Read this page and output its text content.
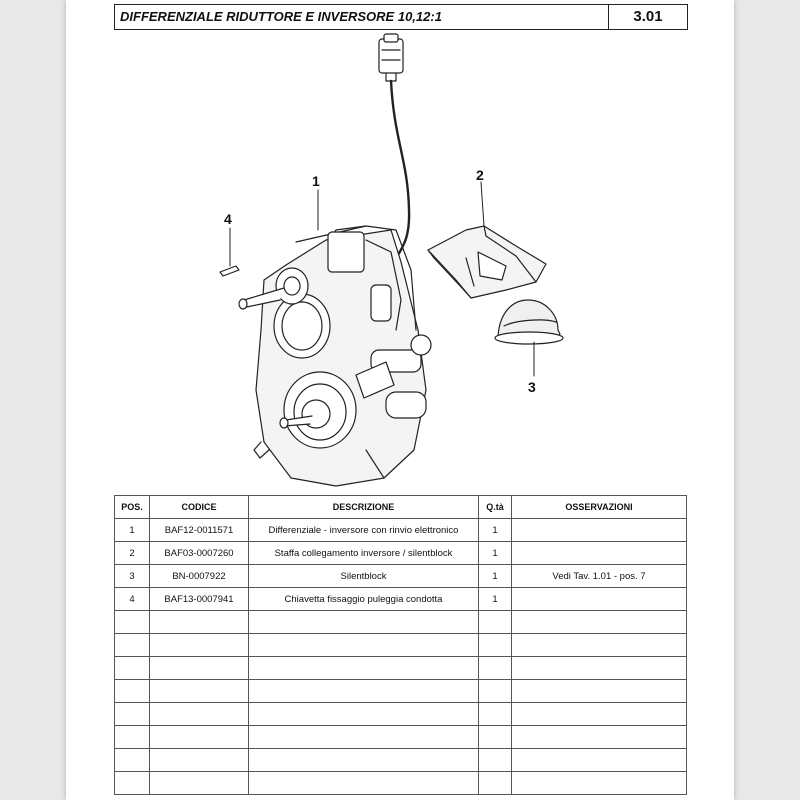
DIFFERENZIALE RIDUTTORE E INVERSORE 10,12:1	3.01
1	2
3
4
POS.	CODICE	DESCRIZIONE	Q.tà	OSSERVAZIONI
1	BAF12-0011571	Differenziale - inversore con rinvio elettronico	1	
2	BAF03-0007260	Staffa collegamento inversore / silentblock	1	
3	BN-0007922	Silentblock	1	Vedi Tav. 1.01 - pos. 7
4	BAF13-0007941	Chiavetta fissaggio puleggia condotta	1	
